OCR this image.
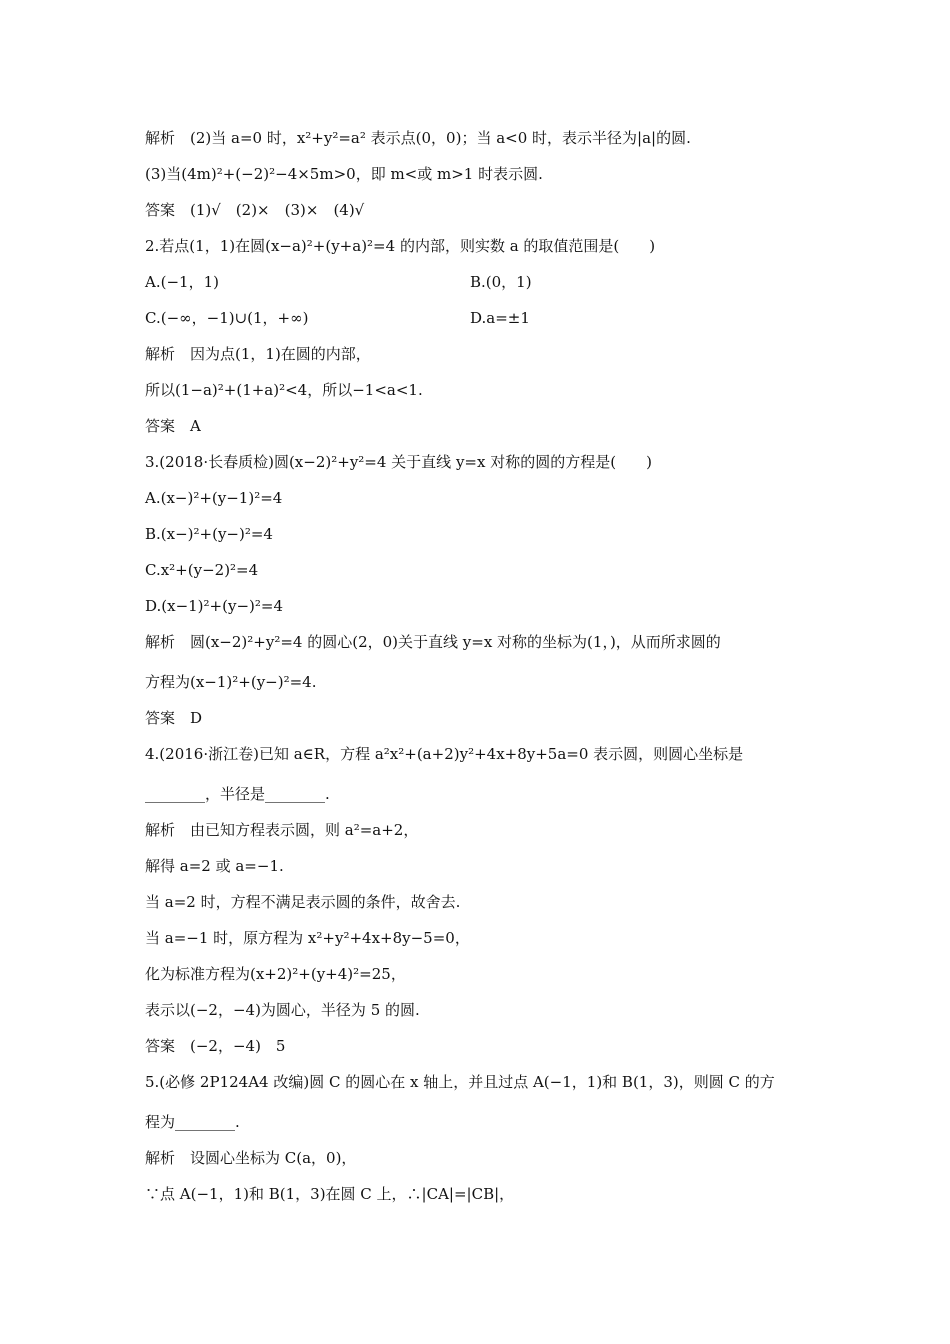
解析　(2)当 a=0 时，x²+y²=a² 表示点(0，0)；当 a<0 时，表示半径为|a|的圆.
(3)当(4m)²+(−2)²−4×5m>0，即 m<或 m>1 时表示圆.
答案　(1)√　(2)×　(3)×　(4)√
2.若点(1，1)在圆(x−a)²+(y+a)²=4 的内部，则实数 a 的取值范围是(　　)
A.(−1，1)	B.(0，1)
C.(−∞，−1)∪(1，+∞)	D.a=±1
解析　因为点(1，1)在圆的内部，
所以(1−a)²+(1+a)²<4，所以−1<a<1.
答案　A
3.(2018·长春质检)圆(x−2)²+y²=4 关于直线 y=x 对称的圆的方程是(　　)
A.(x−)²+(y−1)²=4
B.(x−)²+(y−)²=4
C.x²+(y−2)²=4
D.(x−1)²+(y−)²=4
解析　圆(x−2)²+y²=4 的圆心(2，0)关于直线 y=x 对称的坐标为(1，)，从而所求圆的
方程为(x−1)²+(y−)²=4.
答案　D
4.(2016·浙江卷)已知 a∈R，方程 a²x²+(a+2)y²+4x+8y+5a=0 表示圆，则圆心坐标是
________，半径是________.
解析　由已知方程表示圆，则 a²=a+2，
解得 a=2 或 a=−1.
当 a=2 时，方程不满足表示圆的条件，故舍去.
当 a=−1 时，原方程为 x²+y²+4x+8y−5=0，
化为标准方程为(x+2)²+(y+4)²=25，
表示以(−2，−4)为圆心，半径为 5 的圆.
答案　(−2，−4)　5
5.(必修 2P124A4 改编)圆 C 的圆心在 x 轴上，并且过点 A(−1，1)和 B(1，3)，则圆 C 的方
程为________.
解析　设圆心坐标为 C(a，0)，
∵点 A(−1，1)和 B(1，3)在圆 C 上，∴|CA|=|CB|，
